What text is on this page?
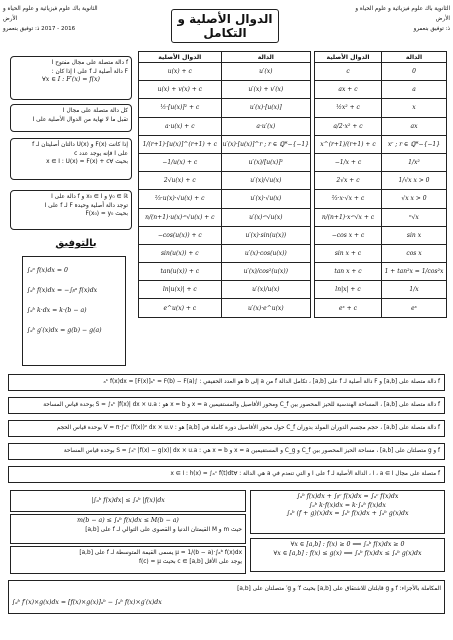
الثانوية باك علوم فيزيائية و علوم الحياة و الأرض
ذ: توفيق بنعمرو
الدوال الأصلية و التكامل
الثانوية باك علوم فيزيائية و علوم الحياة و الأرض
2016 - 2017 ذ: توفيق بنعمرو
f دالة متصلة على مجال مفتوح I
F دالة أصلية لـ f على I إذا كان :
∀x ∈ I : F′(x) = f(x)
كل دالة متصلة على مجال I
تقبل ما لا نهاية من الدوال الأصلية على I
إذا كانت F(x) و U(x) دالتان أصليتان لـ f
على I فإنه يوجد عدد c
بحيث ∀x ∈ I : U(x) = F(x) + c
y₀ ∈ ℝ و x₀ ∈ I و f دالة على I
توجد دالة أصلية وحيدة F لـ f على I
بحيث F(x₀) = y₀
بالتوفيق
∫ₐᵃ f(x)dx = 0
∫ₐᵇ f(x)dx = −∫ᵦᵃ f(x)dx
∫ₐᵇ k·dx = k·(b − a)
∫ₐᵇ g′(x)dx = g(b) − g(a)
الدوال الأصلية	الدالة
u(x) + c	u′(x)
u(x) + v(x) + c	u′(x) + v′(x)
½·[u(x)]² + c	u′(x)·[u(x)]
a·u(x) + c	a·u′(x)
1/(r+1)·[u(x)]^(r+1) + c	u′(x)·[u(x)]^r ; r ∈ ℚ*−{−1}
−1/u(x) + c	u′(x)/[u(x)]²
2√u(x) + c	u′(x)/√u(x)
⅔·u(x)·√u(x) + c	u′(x)·√u(x)
n/(n+1)·u(x)·ⁿ√u(x) + c	u′(x)·ⁿ√u(x)
−cos(u(x)) + c	u′(x)·sin(u(x))
sin(u(x)) + c	u′(x)·cos(u(x))
tan(u(x)) + c	u′(x)/cos²(u(x))
ln|u(x)| + c	u′(x)/u(x)
e^u(x) + c	u′(x)·e^u(x)
الدوال الأصلية	الدالة
c	0
ax + c	a
½x² + c	x
a/2·x² + c	ax
x^(r+1)/(r+1) + c	xʳ ; r ∈ ℚ*−{−1}
−1/x + c	1/x²
2√x + c	1/√x x > 0
⅔·x·√x + c	√x x > 0
n/(n+1)·x·ⁿ√x + c	ⁿ√x
−cos x + c	sin x
sin x + c	cos x
tan x + c	1 + tan²x = 1/cos²x
ln|x| + c	1/x
eˣ + c	eˣ
f دالة متصلة على [a,b] و F دالة أصلية لـ f على [a,b] ، تكامل الدالة f من a إلى b هو العدد الحقيقي : ∫ₐᵇ f(x)dx = [F(x)]ₐᵇ = F(b) − F(a)
f دالة متصلة على [a,b] ، المساحة الهندسية للحيز المحصور بين C_f ومحور الأفاصيل والمستقيمين x = a و x = b هو : S = ∫ₐᵇ |f(x)| dx × u.a بوحدة قياس المساحة
f دالة متصلة على [a,b] ، حجم مجسم الدوران المولد بدوران C_f حول محور الأفاصيل دورة كاملة في [a,b] هو : V = π·∫ₐᵇ (f(x))² dx × u.v بوحدة قياس الحجم
f و g متصلتان على [a,b] ، مساحة الحيز المحصور بين C_f و C_g و المستقيمين x = a و x = b هي : S = ∫ₐᵇ |f(x) − g(x)| dx × u.a بوحدة قياس المساحة
f متصلة على مجال I ، a ∈ I ، الدالة الأصلية لـ f على I و التي تنعدم في a هي الدالة : ∀x ∈ I : h(x) = ∫ₐˣ f(t)dt
|∫ₐᵇ f(x)dx| ≤ ∫ₐᵇ |f(x)|dx
m(b − a) ≤ ∫ₐᵇ f(x)dx ≤ M(b − a)
حيث m و M القيمتان الدنيا و القصوى على التوالي لـ f على [a,b]
μ = 1/(b − a)·∫ₐᵇ f(x)dx يسمى القيمة المتوسطة لـ f على [a,b]
يوجد على الأقل c ∈ [a,b] بحيث f(c) = μ
∫ₐᵇ f(x)dx + ∫ᵦᶜ f(x)dx = ∫ₐᶜ f(x)dx
∫ₐᵇ k·f(x)dx = k·∫ₐᵇ f(x)dx
∫ₐᵇ (f + g)(x)dx = ∫ₐᵇ f(x)dx + ∫ₐᵇ g(x)dx
∀x ∈ [a,b] : f(x) ≥ 0 ⟹ ∫ₐᵇ f(x)dx ≥ 0
∀x ∈ [a,b] : f(x) ≤ g(x) ⟹ ∫ₐᵇ f(x)dx ≤ ∫ₐᵇ g(x)dx
المكاملة بالأجزاء: f و g قابلتان للاشتقاق على [a,b] بحيث f′ و g′ متصلتان على [a,b]
∫ₐᵇ f′(x)×g(x)dx = [f(x)×g(x)]ₐᵇ − ∫ₐᵇ f(x)×g′(x)dx
